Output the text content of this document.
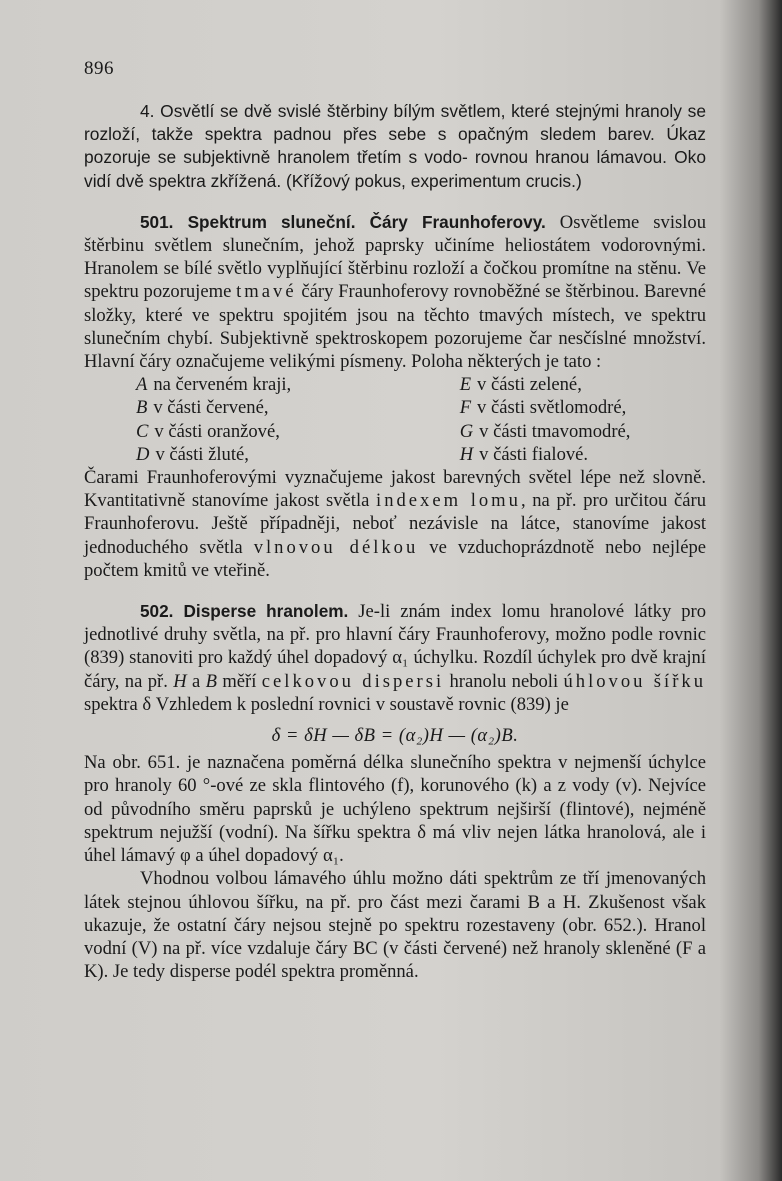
896
4. Osvětlí se dvě svislé štěrbiny bílým světlem, které stejnými hranoly se rozloží, takže spektra padnou přes sebe s opačným sledem barev. Úkaz pozoruje se subjektivně hranolem třetím s vodo- rovnou hranou lámavou. Oko vidí dvě spektra zkřížená. (Křížový pokus, experimentum crucis.)

501. Spektrum sluneční. Čáry Fraunhoferovy. Osvětleme svislou štěrbinu světlem slunečním, jehož paprsky učiníme heliostátem vodorovnými. Hranolem se bílé světlo vyplňující štěrbinu rozloží a čočkou promítne na stěnu. Ve spektru pozorujeme tmavé čáry Fraunhoferovy rovnoběžné se štěrbinou. Barevné složky, které ve spektru spojitém jsou na těchto tmavých místech, ve spektru slunečním chybí. Subjektivně spektroskopem pozorujeme čar nesčíslné množství. Hlavní čáry označujeme velikými písmeny. Poloha některých je tato :

A na červeném kraji,	E v části zelené,
B v části červené,	F v části světlomodré,
C v části oranžové,	G v části tmavomodré,
D v části žluté,	H v části fialové.

Čarami Fraunhoferovými vyznačujeme jakost barevných světel lépe než slovně. Kvantitativně stanovíme jakost světla indexem lomu, na př. pro určitou čáru Fraunhoferovu. Ještě případněji, neboť nezávisle na látce, stanovíme jakost jednoduchého světla vlnovou délkou ve vzduchoprázdnotě nebo nejlépe počtem kmitů ve vteřině.

502. Disperse hranolem. Je-li znám index lomu hranolové látky pro jednotlivé druhy světla, na př. pro hlavní čáry Fraunhoferovy, možno podle rovnic (839) stanoviti pro každý úhel dopadový α₁ úchylku. Rozdíl úchylek pro dvě krajní čáry, na př. H a B měří celkovou dispersi hranolu neboli úhlovou šířku spektra δ Vzhledem k poslední rovnici v soustavě rovnic (839) je

δ = δH — δB = (α₂)H — (α₂)B.

Na obr. 651. je naznačena poměrná délka slunečního spektra v nejmenší úchylce pro hranoly 60 °-ové ze skla flintového (f), korunového (k) a z vody (v). Nejvíce od původního směru paprsků je uchýleno spektrum nejširší (flintové), nejméně spektrum nejužší (vodní). Na šířku spektra δ má vliv nejen látka hranolová, ale i úhel lámavý φ a úhel dopadový α₁.

Vhodnou volbou lámavého úhlu možno dáti spektrům ze tří jmenovaných látek stejnou úhlovou šířku, na př. pro část mezi čarami B a H. Zkušenost však ukazuje, že ostatní čáry nejsou stejně po spektru rozestaveny (obr. 652.). Hranol vodní (V) na př. více vzdaluje čáry BC (v části červené) než hranoly skleněné (F a K). Je tedy disperse podél spektra proměnná.
